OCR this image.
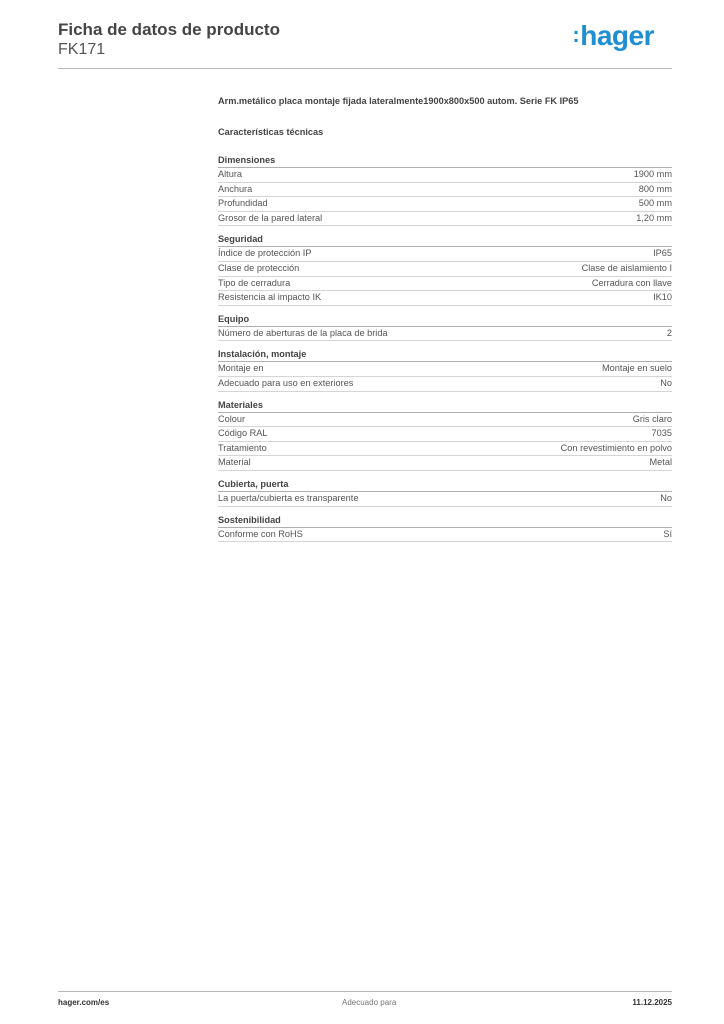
Ficha de datos de producto
FK171
:hager
Arm.metálico placa montaje fijada lateralmente1900x800x500 autom. Serie FK IP65
Características técnicas
Dimensiones
Altura	1900 mm
Anchura	800 mm
Profundidad	500 mm
Grosor de la pared lateral	1,20 mm
Seguridad
Índice de protección IP	IP65
Clase de protección	Clase de aislamiento I
Tipo de cerradura	Cerradura con llave
Resistencia al impacto IK	IK10
Equipo
Número de aberturas de la placa de brida	2
Instalación, montaje
Montaje en	Montaje en suelo
Adecuado para uso en exteriores	No
Materiales
Colour	Gris claro
Código RAL	7035
Tratamiento	Con revestimiento en polvo
Material	Metal
Cubierta, puerta
La puerta/cubierta es transparente	No
Sostenibilidad
Conforme con RoHS	Sí
hager.com/es	Adecuado para	11.12.2025
